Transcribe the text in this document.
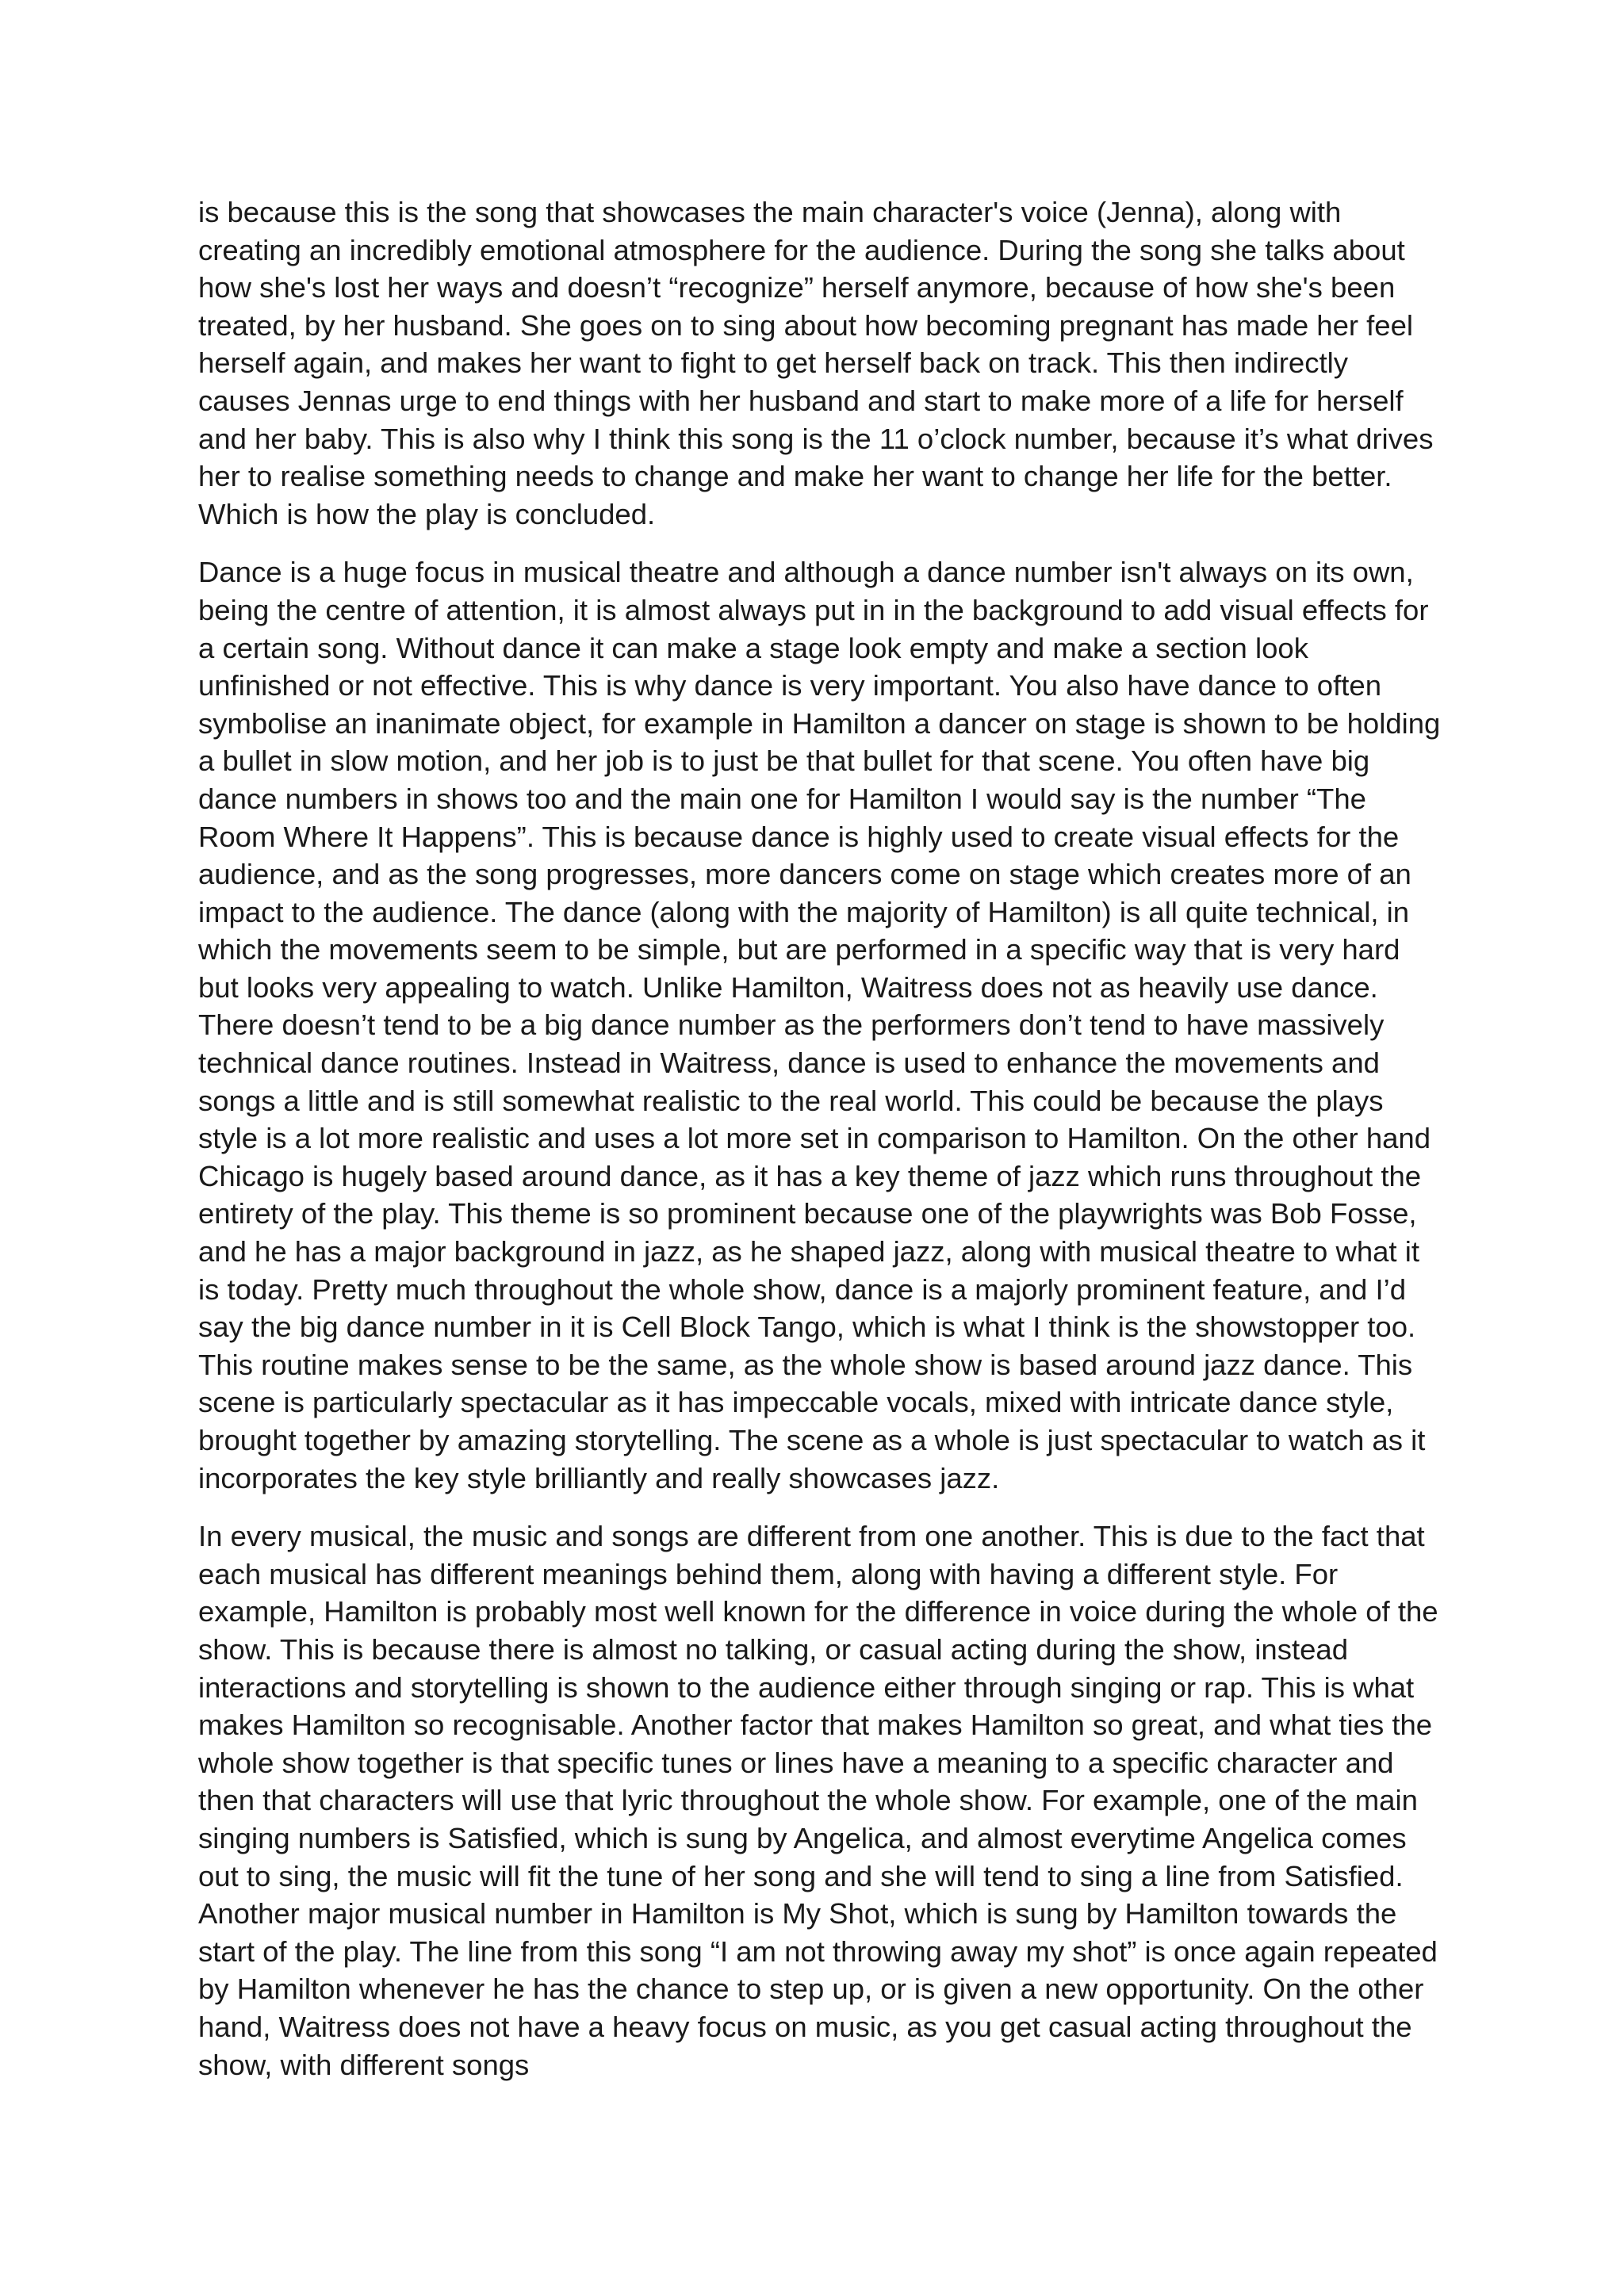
is because this is the song that showcases the main character's voice (Jenna), along with creating an incredibly emotional atmosphere for the audience. During the song she talks about how she's lost her ways and doesn’t “recognize” herself anymore, because of how she's been treated, by her husband. She goes on to sing about how becoming pregnant has made her feel herself again, and makes her want to fight to get herself back on track. This then indirectly causes Jennas urge to end things with her husband and start to make more of a life for herself and her baby. This is also why I think this song is the 11 o’clock number, because it’s what drives her to realise something needs to change and make her want to change her life for the better. Which is how the play is concluded.

Dance is a huge focus in musical theatre and although a dance number isn't always on its own, being the centre of attention, it is almost always put in in the background to add visual effects for a certain song. Without dance it can make a stage look empty and make a section look unfinished or not effective. This is why dance is very important. You also have dance to often symbolise an inanimate object, for example in Hamilton a dancer on stage is shown to be holding a bullet in slow motion, and her job is to just be that bullet for that scene. You often have big dance numbers in shows too and the main one for Hamilton I would say is the number “The Room Where It Happens”. This is because dance is highly used to create visual effects for the audience, and as the song progresses, more dancers come on stage which creates more of an impact to the audience. The dance (along with the majority of Hamilton) is all quite technical, in which the movements seem to be simple, but are performed in a specific way that is very hard but looks very appealing to watch. Unlike Hamilton, Waitress does not as heavily use dance. There doesn’t tend to be a big dance number as the performers don’t tend to have massively technical dance routines. Instead in Waitress, dance is used to enhance the movements and songs a little and is still somewhat realistic to the real world. This could be because the plays style is a lot more realistic and uses a lot more set in comparison to Hamilton. On the other hand Chicago is hugely based around dance, as it has a key theme of jazz which runs throughout the entirety of the play. This theme is so prominent because one of the playwrights was Bob Fosse, and he has a major background in jazz, as he shaped jazz, along with musical theatre to what it is today. Pretty much throughout the whole show, dance is a majorly prominent feature, and I’d say the big dance number in it is Cell Block Tango, which is what I think is the showstopper too. This routine makes sense to be the same, as the whole show is based around jazz dance. This scene is particularly spectacular as it has impeccable vocals, mixed with intricate dance style, brought together by amazing storytelling. The scene as a whole is just spectacular to watch as it incorporates the key style brilliantly and really showcases jazz.

In every musical, the music and songs are different from one another. This is due to the fact that each musical has different meanings behind them, along with having a different style. For example, Hamilton is probably most well known for the difference in voice during the whole of the show. This is because there is almost no talking, or casual acting during the show, instead interactions and storytelling is shown to the audience either through singing or rap. This is what makes Hamilton so recognisable. Another factor that makes Hamilton so great, and what ties the whole show together is that specific tunes or lines have a meaning to a specific character and then that characters will use that lyric throughout the whole show. For example, one of the main singing numbers is Satisfied, which is sung by Angelica, and almost everytime Angelica comes out to sing, the music will fit the tune of her song and she will tend to sing a line from Satisfied. Another major musical number in Hamilton is My Shot, which is sung by Hamilton towards the start of the play. The line from this song “I am not throwing away my shot” is once again repeated by Hamilton whenever he has the chance to step up, or is given a new opportunity. On the other hand, Waitress does not have a heavy focus on music, as you get casual acting throughout the show, with different songs
